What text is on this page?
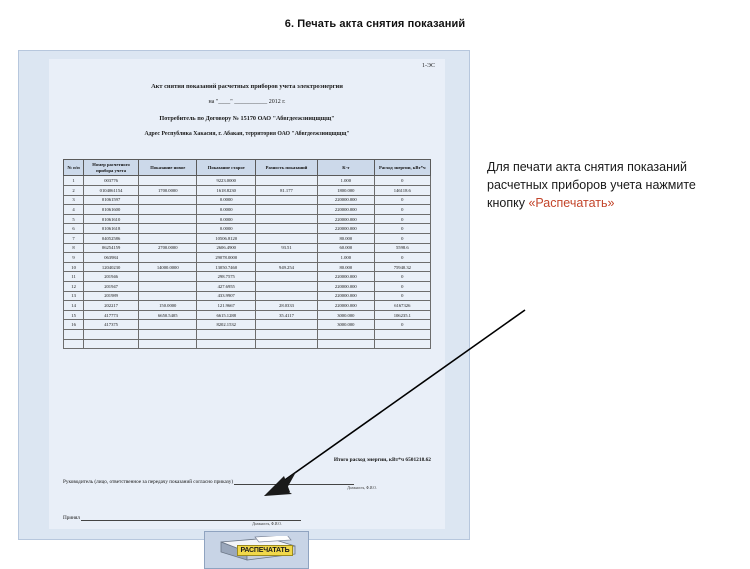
6. Печать акта снятия показаний
1-ЭС
Акт снятия показаний расчетных приборов учета электроэнергии
на "____" ___________ 2012 г.
Потребитель по Договору № 15170 ОАО "Абвгдеежзиицщщщ"
Адрес Республика Хакасия, г. Абакан, территория ОАО "Абвгдеежзиицщщщ"
№ п/п	Номер расчетного прибора учета	Показание новое	Показание старое	Разность показаний	К-т	Расход энергии, кВт*ч
1	003776		9223.0000		1.000	0
2	0104061154	1700.0000	1618.8230	81.177	1800.000	146118.6
3	01061597		0.0000		220000.000	0
4	01061600		0.0000		220000.000	0
5	01061610		0.0000		220000.000	0
6	01061618		0.0000		220000.000	0
7	04052586		10506.8120		80.000	0
8	06254159	2700.0000	2606.4900	93.51	60.000	5598.6
9	063984		29078.0000		1.000	0
10	12040230	14000.0000	13050.7460	949.254	80.000	75940.32
11	201946		298.7575		220000.000	0
12	201947		427.6955		220000.000	0
13	201989		433.9907		220000.000	0
14	202217	150.0000	121.9667	28.0333	220000.000	6167326
15	417773	6650.5405	6615.1288	35.4117	3000.000	106235.1
16	417375		8202.1532		3000.000	0

Итого расход энергии, кВт*ч 6501218.62
Руководитель (лицо, ответственное за передачу показаний согласно приказу)
Должность, Ф.И.О.
Принял
Должность, Ф.И.О.
РАСПЕЧАТАТЬ
Для печати акта снятия показаний расчетных приборов учета нажмите кнопку «Распечатать»
